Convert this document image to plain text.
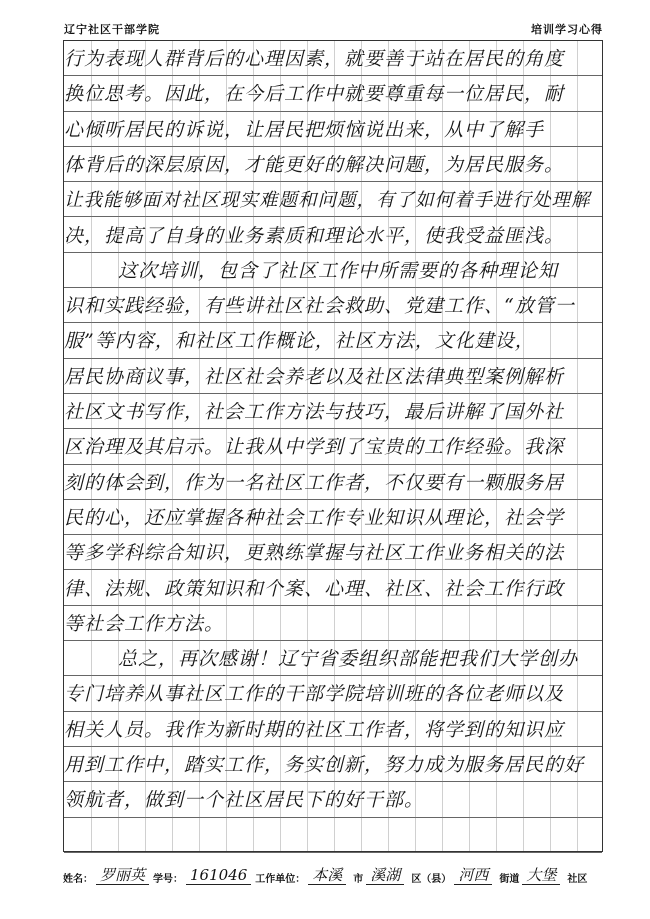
辽宁社区干部学院	培训学习心得
行为表现人群背后的心理因素，就要善于站在居民的角度
换位思考。因此，在今后工作中就要尊重每一位居民，耐
心倾听居民的诉说，让居民把烦恼说出来，从中了解手
体背后的深层原因，才能更好的解决问题，为居民服务。
让我能够面对社区现实难题和问题，有了如何着手进行处理解
决，提高了自身的业务素质和理论水平，使我受益匪浅。
这次培训，包含了社区工作中所需要的各种理论知
识和实践经验，有些讲社区社会救助、党建工作、“放管一
服”等内容，和社区工作概论，社区方法，文化建设，
居民协商议事，社区社会养老以及社区法律典型案例解析
社区文书写作，社会工作方法与技巧，最后讲解了国外社
区治理及其启示。让我从中学到了宝贵的工作经验。我深
刻的体会到，作为一名社区工作者，不仅要有一颗服务居
民的心，还应掌握各种社会工作专业知识从理论，社会学
等多学科综合知识，更熟练掌握与社区工作业务相关的法
律、法规、政策知识和个案、心理、社区、社会工作行政
等社会工作方法。
总之，再次感谢！辽宁省委组织部能把我们大学创办
专门培养从事社区工作的干部学院培训班的各位老师以及
相关人员。我作为新时期的社区工作者，将学到的知识应
用到工作中，踏实工作，务实创新，努力成为服务居民的好
领航者，做到一个社区居民下的好干部。
姓名： 罗丽英 学号： 161046 工作单位： 本溪	市 溪湖	区（县） 河西	街道 大堡	社区
